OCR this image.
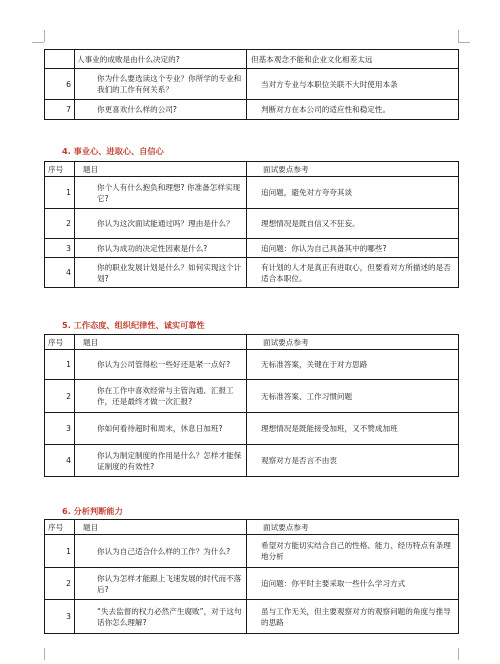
	人事业的成败是由什么决定的?	但基本观念不能和企业文化相差太远
6	你为什么要选读这个专业？你所学的专业和我们的工作有何关系？	当对方专业与本职位关联不大时使用本条
7	你更喜欢什么样的公司?	判断对方在本公司的适应性和稳定性。
4. 事业心、进取心、自信心
序号	题目	面试要点参考
1	你个人有什么抱负和理想? 你准备怎样实现它?	追问题，避免对方夸夸其谈
2	你认为这次面试能通过吗？理由是什么？	理想情况是既自信又不狂妄。
3	你认为成功的决定性因素是什么?	追问题：你认为自己具备其中的哪些?
4	你的职业发展计划是什么？如何实现这个计划?	有计划的人才是真正有进取心，但要看对方所描述的是否适合本职位。
5. 工作态度、组织纪律性、诚实可靠性
序号	题目	面试要点参考
1	你认为公司管得松一些好还是紧一点好?	无标准答案，关键在于对方思路
2	你在工作中喜欢经常与主管沟通、汇报工作，还是最终才做一次汇报?	无标准答案、工作习惯问题
3	你如何看待超时和周末，休息日加班?	理想情况是既能接受加班，又不赞成加班
4	你认为制定制度的作用是什么？怎样才能保证制度的有效性?	观察对方是否言不由衷
6. 分析判断能力
序号	题目	面试要点参考
1	你认为自己适合什么样的工作？为什么?	希望对方能切实结合自己的性格、能力、经历特点有条理地分析
2	你认为怎样才能跟上飞速发展的时代而不落后?	追问题：你平时主要采取一些什么学习方式
3	“失去监督的权力必然产生腐败”，对于这句话你怎么理解?	虽与工作无关，但主要观察对方的观察问题的角度与推导的思路
